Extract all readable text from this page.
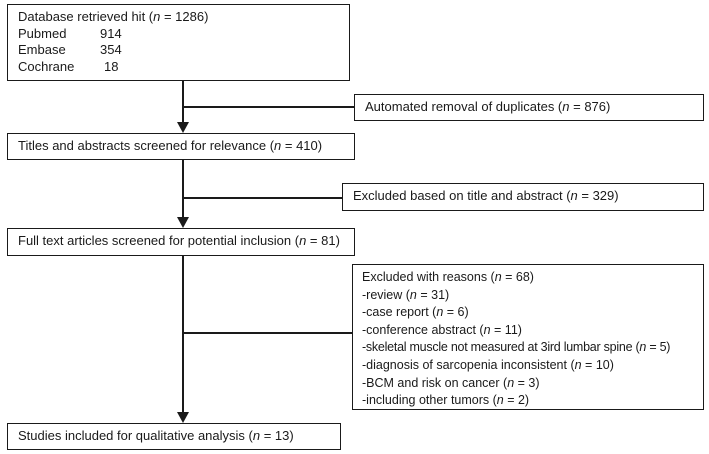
Database retrieved hit (n = 1286)
Pubmed	914
Embase	354
Cochrane	18
Automated removal of duplicates (n = 876)
Titles and abstracts screened for relevance (n = 410)
Excluded based on title and abstract (n = 329)
Full text articles screened for potential inclusion (n = 81)
Excluded with reasons (n = 68)
-review (n = 31)
-case report (n = 6)
-conference abstract (n = 11)
-skeletal muscle not measured at 3ird lumbar spine (n = 5)
-diagnosis of sarcopenia inconsistent (n = 10)
-BCM and risk on cancer (n = 3)
-including other tumors (n = 2)
Studies included for qualitative analysis (n = 13)
